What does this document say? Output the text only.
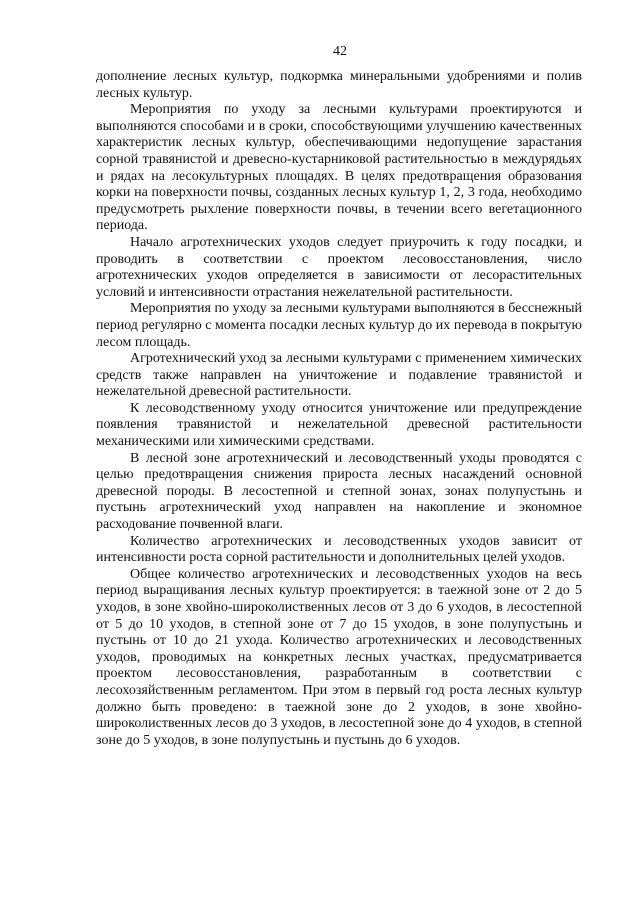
42

дополнение лесных культур, подкормка минеральными удобрениями и полив лесных культур.

Мероприятия по уходу за лесными культурами проектируются и выполняются способами и в сроки, способствующими улучшению качественных характеристик лесных культур, обеспечивающими недопущение зарастания сорной травянистой и древесно-кустарниковой растительностью в междурядьях и рядах на лесокультурных площадях. В целях предотвращения образования корки на поверхности почвы, созданных лесных культур 1, 2, 3 года, необходимо предусмотреть рыхление поверхности почвы, в течении всего вегетационного периода.

Начало агротехнических уходов следует приурочить к году посадки, и проводить в соответствии с проектом лесовосстановления, число агротехнических уходов определяется в зависимости от лесорастительных условий и интенсивности отрастания нежелательной растительности.

Мероприятия по уходу за лесными культурами выполняются в бесснежный период регулярно с момента посадки лесных культур до их перевода в покрытую лесом площадь.

Агротехнический уход за лесными культурами с применением химических средств также направлен на уничтожение и подавление травянистой и нежелательной древесной растительности.

К лесоводственному уходу относится уничтожение или предупреждение появления травянистой и нежелательной древесной растительности механическими или химическими средствами.

В лесной зоне агротехнический и лесоводственный уходы проводятся с целью предотвращения снижения прироста лесных насаждений основной древесной породы. В лесостепной и степной зонах, зонах полупустынь и пустынь агротехнический уход направлен на накопление и экономное расходование почвенной влаги.

Количество агротехнических и лесоводственных уходов зависит от интенсивности роста сорной растительности и дополнительных целей уходов.

Общее количество агротехнических и лесоводственных уходов на весь период выращивания лесных культур проектируется: в таежной зоне от 2 до 5 уходов, в зоне хвойно-широколиственных лесов от 3 до 6 уходов, в лесостепной от 5 до 10 уходов, в степной зоне от 7 до 15 уходов, в зоне полупустынь и пустынь от 10 до 21 ухода. Количество агротехнических и лесоводственных уходов, проводимых на конкретных лесных участках, предусматривается проектом лесовосстановления, разработанным в соответствии с лесохозяйственным регламентом. При этом в первый год роста лесных культур должно быть проведено: в таежной зоне до 2 уходов, в зоне хвойно-широколиственных лесов до 3 уходов, в лесостепной зоне до 4 уходов, в степной зоне до 5 уходов, в зоне полупустынь и пустынь до 6 уходов.
